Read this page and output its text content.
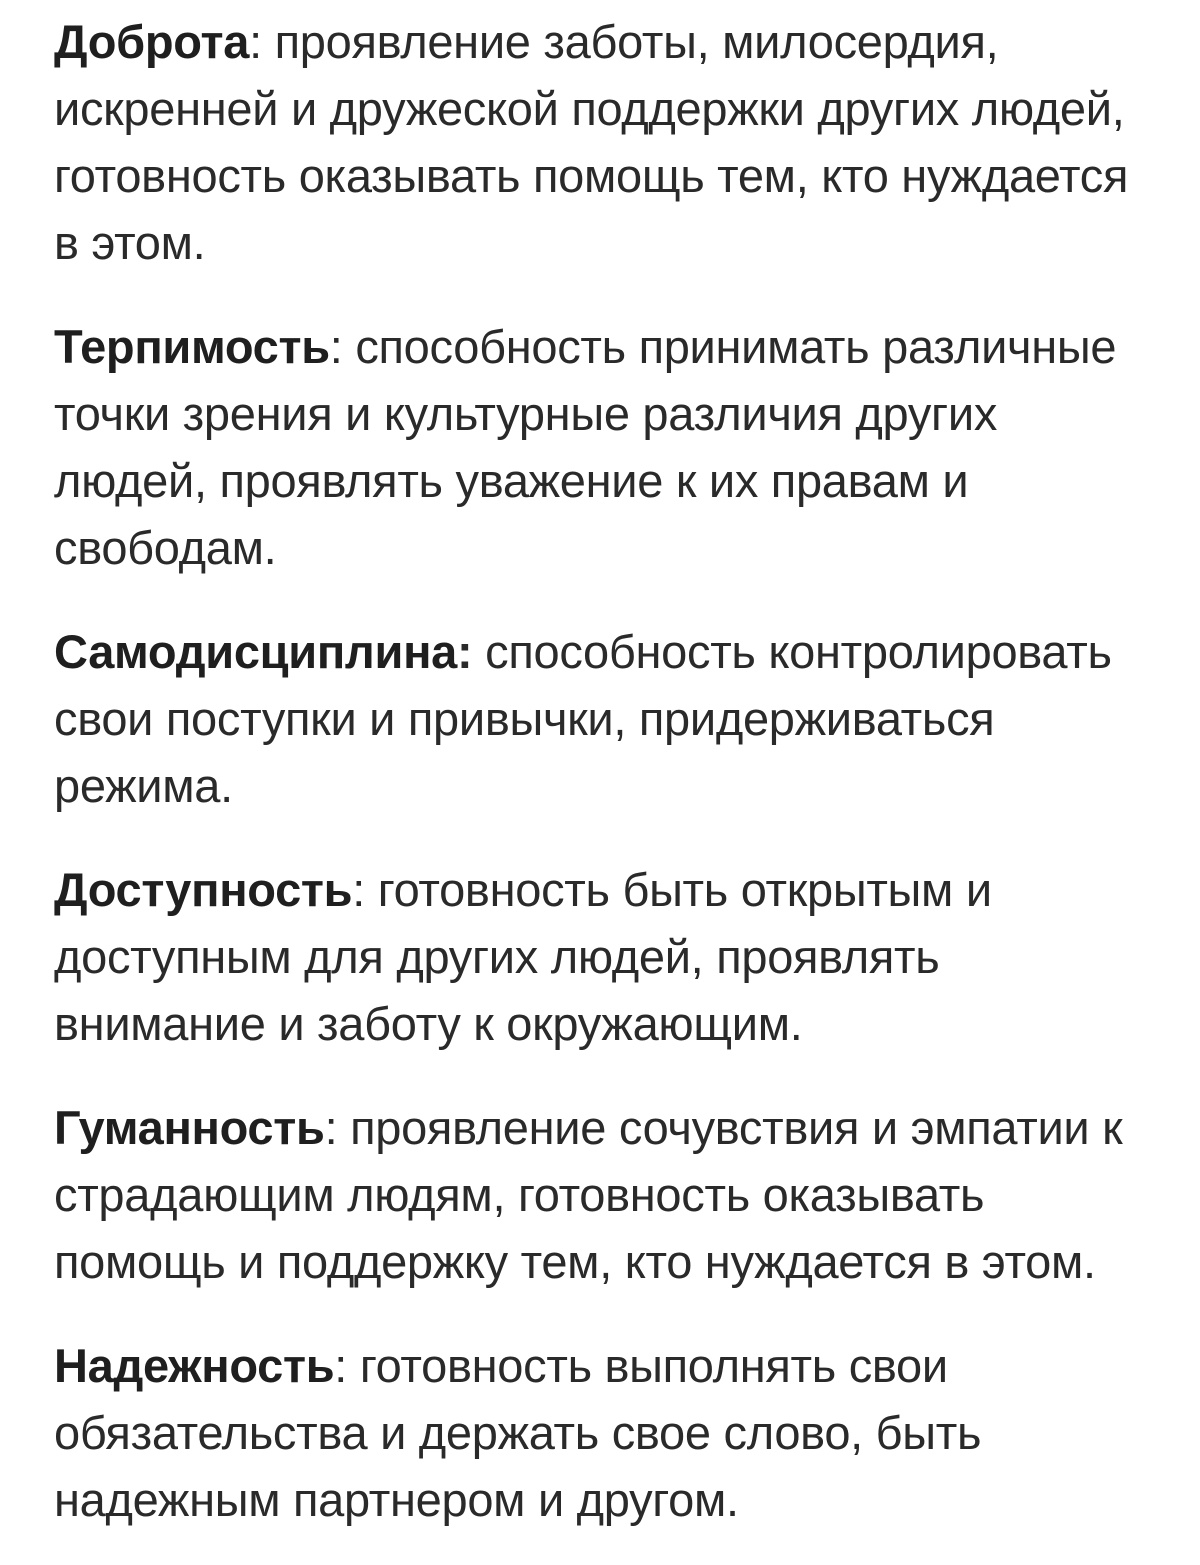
Доброта: проявление заботы, милосердия, искренней и дружеской поддержки других людей, готовность оказывать помощь тем, кто нуждается в этом.

Терпимость: способность принимать различные точки зрения и культурные различия других людей, проявлять уважение к их правам и свободам.

Самодисциплина: способность контролировать свои поступки и привычки, придерживаться режима.

Доступность: готовность быть открытым и доступным для других людей, проявлять внимание и заботу к окружающим.

Гуманность: проявление сочувствия и эмпатии к страдающим людям, готовность оказывать помощь и поддержку тем, кто нуждается в этом.

Надежность: готовность выполнять свои обязательства и держать свое слово, быть надежным партнером и другом.
